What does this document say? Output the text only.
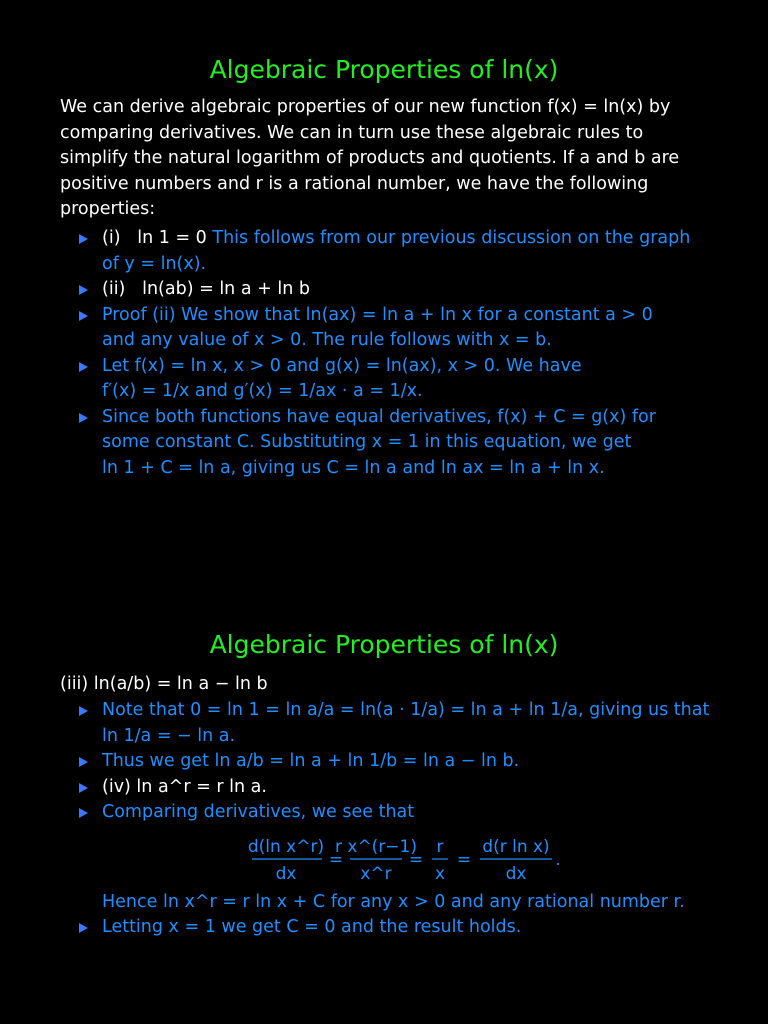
Algebraic Properties of ln(x)
We can derive algebraic properties of our new function f(x) = ln(x) by
comparing derivatives. We can in turn use these algebraic rules to
simplify the natural logarithm of products and quotients. If a and b are
positive numbers and r is a rational number, we have the following
properties:
(i) ln 1 = 0 This follows from our previous discussion on the graph
of y = ln(x).
(ii) ln(ab) = ln a + ln b
Proof (ii) We show that ln(ax) = ln a + ln x for a constant a > 0
and any value of x > 0. The rule follows with x = b.
Let f(x) = ln x, x > 0 and g(x) = ln(ax), x > 0. We have
f′(x) = 1/x and g′(x) = 1/ax · a = 1/x.
Since both functions have equal derivatives, f(x) + C = g(x) for
some constant C. Substituting x = 1 in this equation, we get
ln 1 + C = ln a, giving us C = ln a and ln ax = ln a + ln x.
Algebraic Properties of ln(x)
(iii) ln(a/b) = ln a − ln b
Note that 0 = ln 1 = ln a/a = ln(a · 1/a) = ln a + ln 1/a, giving us that
ln 1/a = − ln a.
Thus we get ln a/b = ln a + ln 1/b = ln a − ln b.
(iv) ln a^r = r ln a.
Comparing derivatives, we see that
Hence ln x^r = r ln x + C for any x > 0 and any rational number r.
Letting x = 1 we get C = 0 and the result holds.
d(ln x^r)
dx
=
r x^(r−1)
x^r
=
r
x
=
d(r ln x)
dx
.
